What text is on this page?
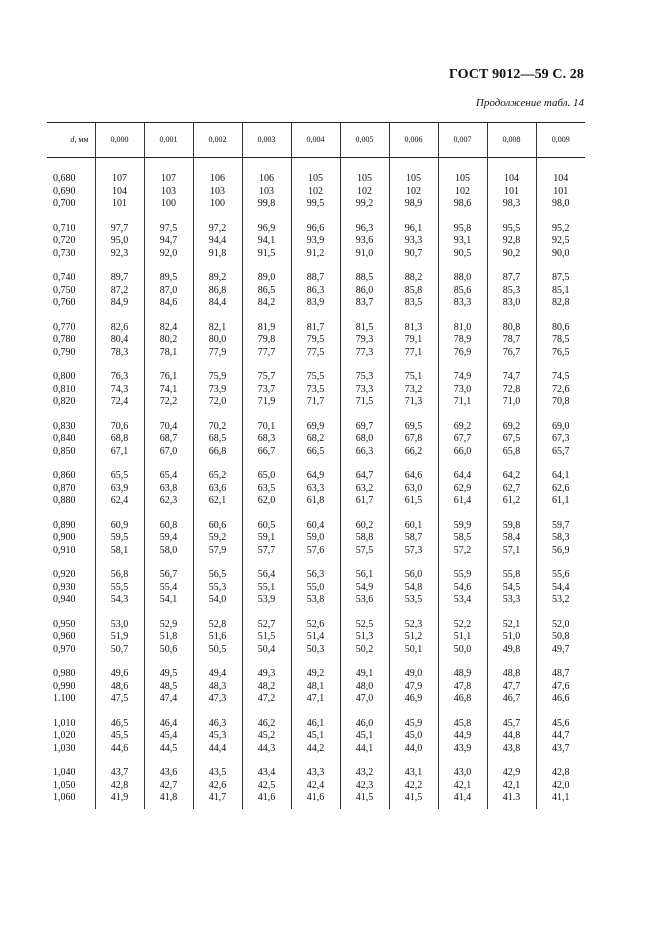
ГОСТ 9012—59 С. 28
Продолжение табл. 14
d, мм	0,000	0,001	0,002	0,003	0,004	0,005	0,006	0,007	0,008	0,009
0,680	107	107	106	106	105	105	105	105	104	104
0,690	104	103	103	103	102	102	102	102	101	101
0,700	101	100	100	99,8	99,5	99,2	98,9	98,6	98,3	98,0
0,710	97,7	97,5	97,2	96,9	96,6	96,3	96,1	95,8	95,5	95,2
0,720	95,0	94,7	94,4	94,1	93,9	93,6	93,3	93,1	92,8	92,5
0,730	92,3	92,0	91,8	91,5	91,2	91,0	90,7	90,5	90,2	90,0
0,740	89,7	89,5	89,2	89,0	88,7	88,5	88,2	88,0	87,7	87,5
0,750	87,2	87,0	86,8	86,5	86,3	86,0	85,8	85,6	85,3	85,1
0,760	84,9	84,6	84,4	84,2	83,9	83,7	83,5	83,3	83,0	82,8
0,770	82,6	82,4	82,1	81,9	81,7	81,5	81,3	81,0	80,8	80,6
0,780	80,4	80,2	80,0	79,8	79,5	79,3	79,1	78,9	78,7	78,5
0,790	78,3	78,1	77,9	77,7	77,5	77,3	77,1	76,9	76,7	76,5
0,800	76,3	76,1	75,9	75,7	75,5	75,3	75,1	74,9	74,7	74,5
0,810	74,3	74,1	73,9	73,7	73,5	73,3	73,2	73,0	72,8	72,6
0,820	72,4	72,2	72,0	71,9	71,7	71,5	71,3	71,1	71,0	70,8
0,830	70,6	70,4	70,2	70,1	69,9	69,7	69,5	69,2	69,2	69,0
0,840	68,8	68,7	68,5	68,3	68,2	68,0	67,8	67,7	67,5	67,3
0,850	67,1	67,0	66,8	66,7	66,5	66,3	66,2	66,0	65,8	65,7
0,860	65,5	65,4	65,2	65,0	64,9	64,7	64,6	64,4	64,2	64,1
0,870	63,9	63,8	63,6	63,5	63,3	63,2	63,0	62,9	62,7	62,6
0,880	62,4	62,3	62,1	62,0	61,8	61,7	61,5	61,4	61,2	61,1
0,890	60,9	60,8	60,6	60,5	60,4	60,2	60,1	59,9	59,8	59,7
0,900	59,5	59,4	59,2	59,1	59,0	58,8	58,7	58,5	58,4	58,3
0,910	58,1	58,0	57,9	57,7	57,6	57,5	57,3	57,2	57,1	56,9
0,920	56,8	56,7	56,5	56,4	56,3	56,1	56,0	55,9	55,8	55,6
0,930	55,5	55,4	55,3	55,1	55,0	54,9	54,8	54,6	54,5	54,4
0,940	54,3	54,1	54,0	53,9	53,8	53,6	53,5	53,4	53,3	53,2
0,950	53,0	52,9	52,8	52,7	52,6	52,5	52,3	52,2	52,1	52,0
0,960	51,9	51,8	51,6	51,5	51,4	51,3	51,2	51,1	51,0	50,8
0,970	50,7	50,6	50,5	50,4	50,3	50,2	50,1	50,0	49,8	49,7
0,980	49,6	49,5	49,4	49,3	49,2	49,1	49,0	48,9	48,8	48,7
0,990	48,6	48,5	48,3	48,2	48,1	48,0	47,9	47,8	47,7	47,6
1.100	47,5	47,4	47,3	47,2	47,1	47,0	46,9	46,8	46,7	46,6
1,010	46,5	46,4	46,3	46,2	46,1	46,0	45,9	45,8	45,7	45,6
1,020	45,5	45,4	45,3	45,2	45,1	45,1	45,0	44,9	44,8	44,7
1,030	44,6	44,5	44,4	44,3	44,2	44,1	44,0	43,9	43,8	43,7
1,040	43,7	43,6	43,5	43,4	43,3	43,2	43,1	43,0	42,9	42,8
1,050	42,8	42,7	42,6	42,5	42,4	42,3	42,2	42,1	42,1	42,0
1,060	41,9	41,8	41,7	41,6	41,6	41,5	41,5	41,4	41.3	41,1
